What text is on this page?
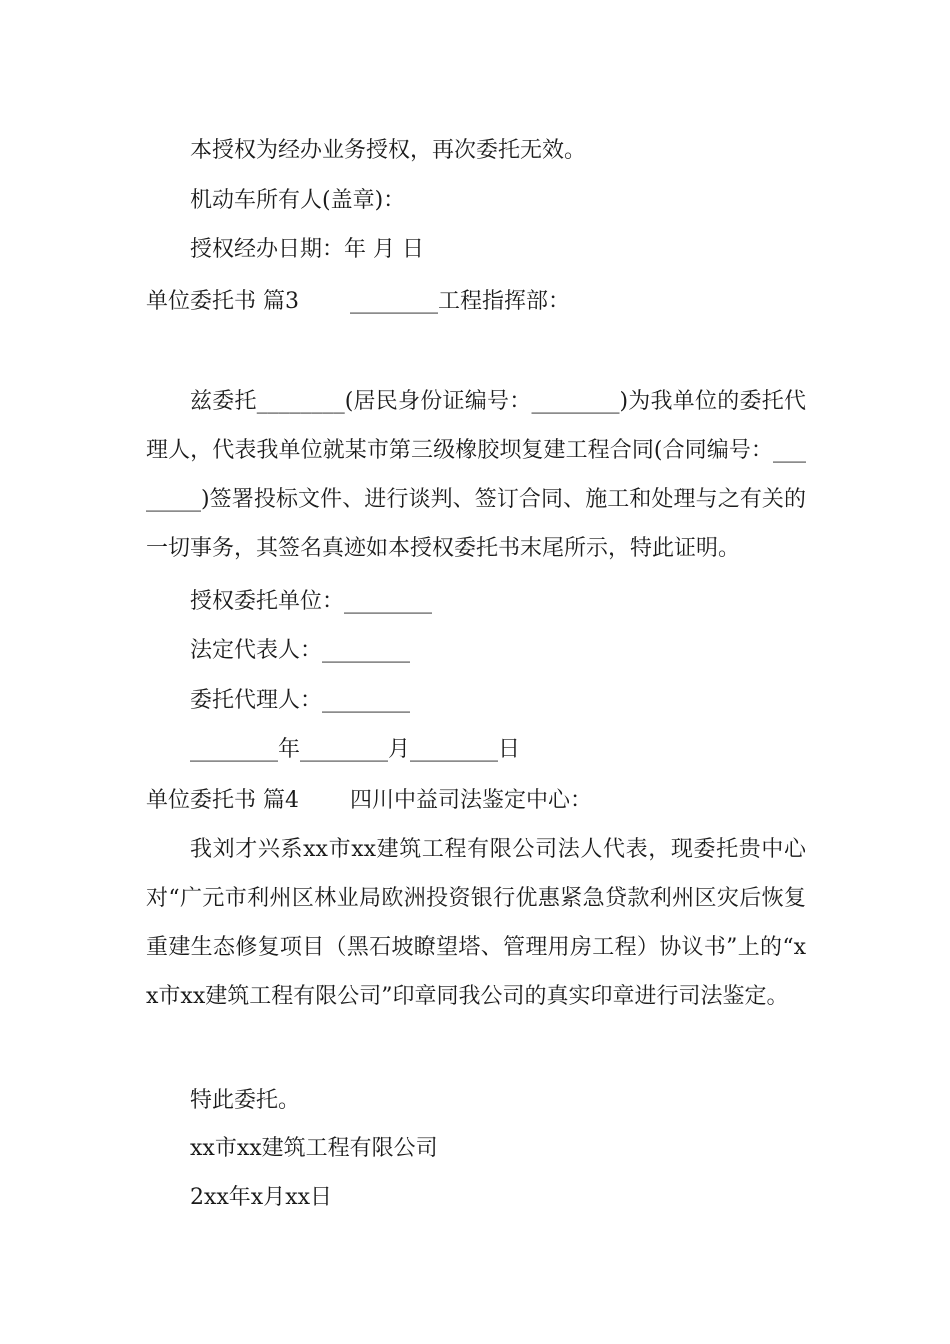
本授权为经办业务授权，再次委托无效。
机动车所有人(盖章)：
授权经办日期：年 月 日
单位委托书 篇3 ________工程指挥部：
兹委托________(居民身份证编号：________)为我单位的委托代理人，代表我单位就某市第三级橡胶坝复建工程合同(合同编号：________)签署投标文件、进行谈判、签订合同、施工和处理与之有关的一切事务，其签名真迹如本授权委托书末尾所示，特此证明。
授权委托单位：________
法定代表人：________
委托代理人：________
________年________月________日
单位委托书 篇4 四川中益司法鉴定中心：
我刘才兴系xx市xx建筑工程有限公司法人代表，现委托贵中心对“广元市利州区林业局欧洲投资银行优惠紧急贷款利州区灾后恢复重建生态修复项目（黑石坡瞭望塔、管理用房工程）协议书”上的“xx市xx建筑工程有限公司”印章同我公司的真实印章进行司法鉴定。
特此委托。
xx市xx建筑工程有限公司
2xx年x月xx日
